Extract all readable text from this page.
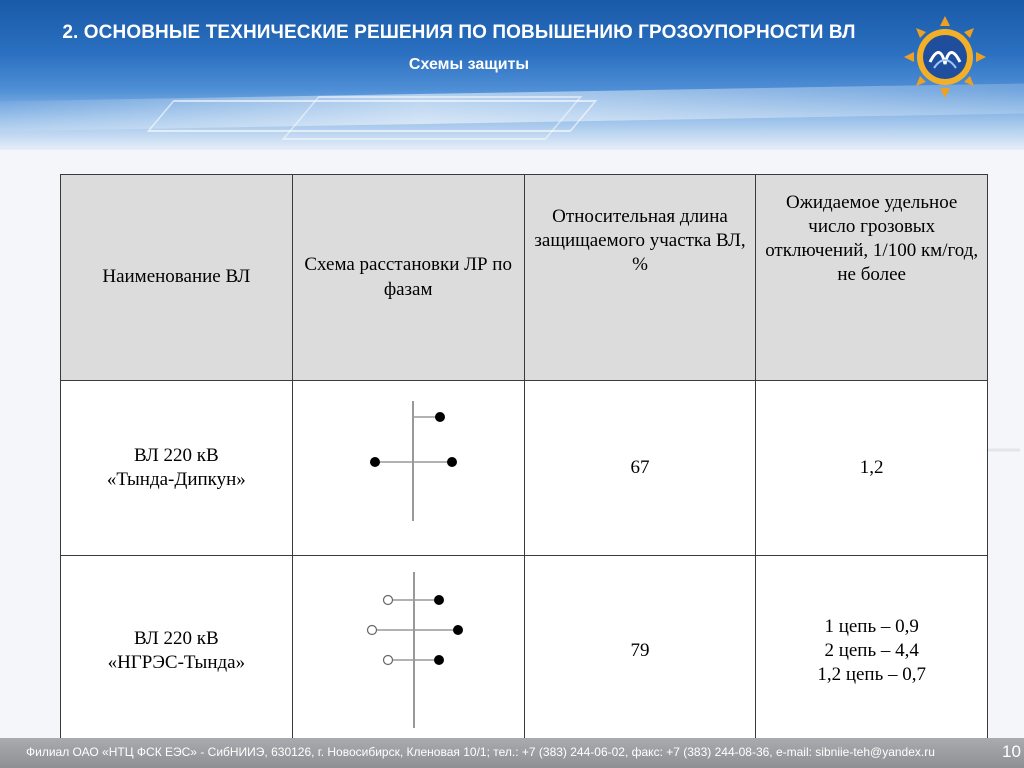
2. ОСНОВНЫЕ ТЕХНИЧЕСКИЕ РЕШЕНИЯ ПО ПОВЫШЕНИЮ ГРОЗОУПОРНОСТИ ВЛ
Схемы защиты
Наименование ВЛ	Схема расстановки ЛР по фазам	Относительная длина защищаемого участка ВЛ, %	Ожидаемое удельное число грозовых отключений, 1/100 км/год, не более

ВЛ 220 кВ
«Тында-Дипкун»		67	1,2

ВЛ 220 кВ
«НГРЭС-Тында»		79	1 цепь – 0,9
2 цепь – 4,4
1,2 цепь – 0,7
Филиал ОАО «НТЦ ФСК ЕЭС» - СибНИИЭ, 630126, г. Новосибирск, Кленовая 10/1; тел.: +7 (383) 244-06-02, факс: +7 (383) 244-08-36, e-mail: sibniie-teh@yandex.ru	10
